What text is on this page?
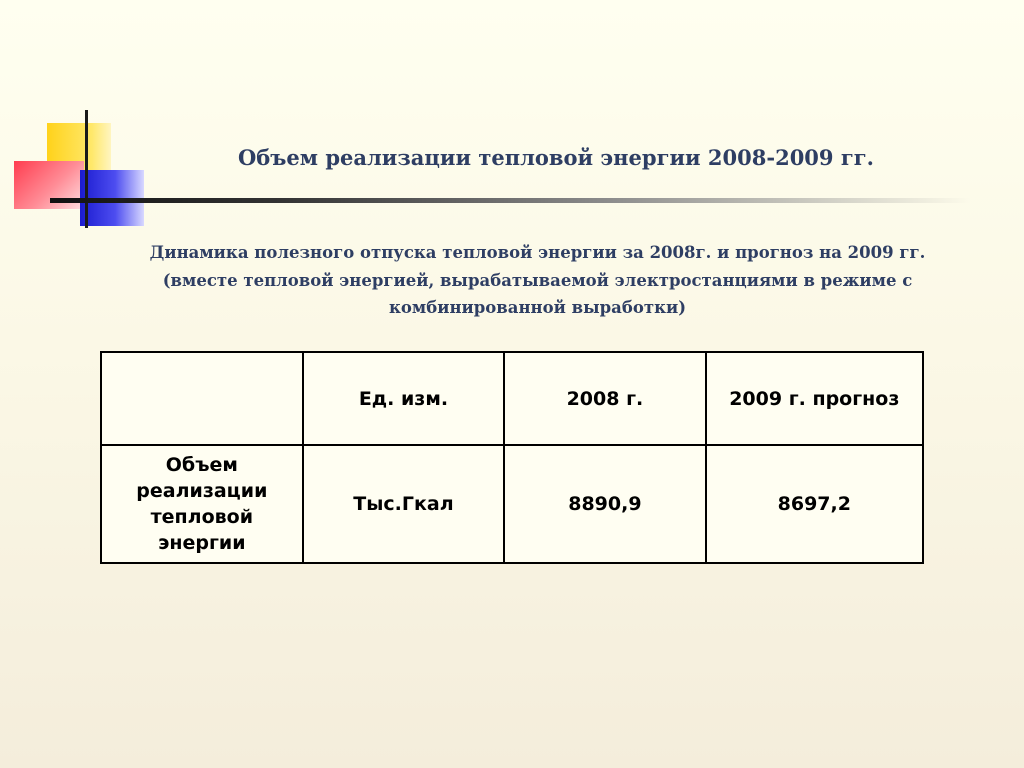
Объем реализации тепловой энергии 2008-2009 гг.
Динамика полезного отпуска тепловой энергии за 2008г. и прогноз на 2009 гг.
(вместе тепловой энергией, вырабатываемой электростанциями в режиме с комбинированной выработки)
	Ед. изм.	2008 г.	2009 г. прогноз
Объем реализации тепловой энергии	Тыс.Гкал	8890,9	8697,2
